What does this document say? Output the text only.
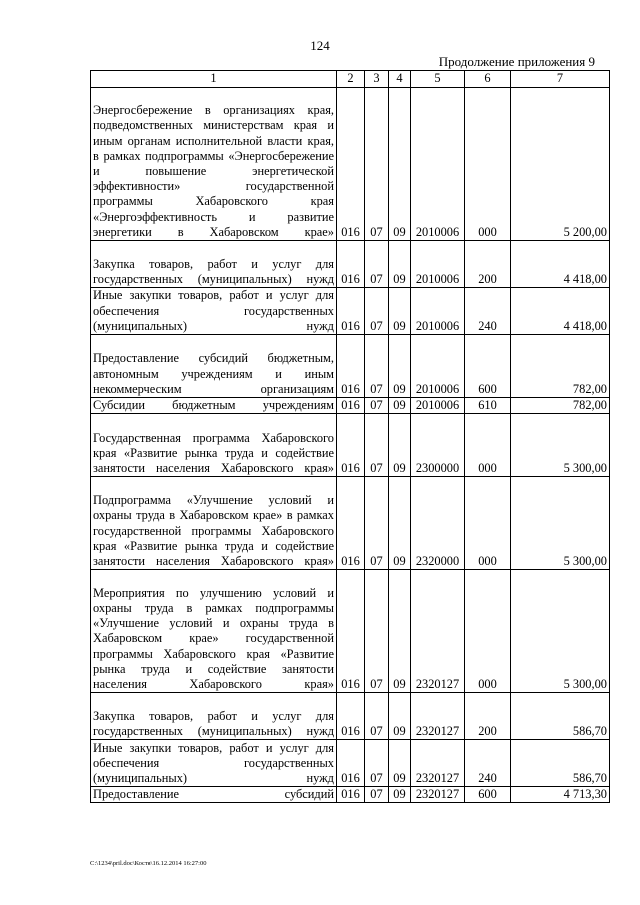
124
Продолжение приложения 9
1	2	3	4	5	6	7
Энергосбережение в организациях края, подведомственных министерствам края и иным органам исполнительной власти края, в рамках подпрограммы «Энергосбережение и повышение энергетической эффективности» государственной программы Хабаровского края «Энергоэффективность и развитие энергетики в Хабаровском крае»	016	07	09	2010006	000	5 200,00
Закупка товаров, работ и услуг для государственных (муниципальных) нужд	016	07	09	2010006	200	4 418,00
Иные закупки товаров, работ и услуг для обеспечения государственных (муниципальных) нужд	016	07	09	2010006	240	4 418,00
Предоставление субсидий бюджетным, автономным учреждениям и иным некоммерческим организациям	016	07	09	2010006	600	782,00
Субсидии бюджетным учреждениям	016	07	09	2010006	610	782,00
Государственная программа Хабаровского края «Развитие рынка труда и содействие занятости населения Хабаровского края»	016	07	09	2300000	000	5 300,00
Подпрограмма «Улучшение условий и охраны труда в Хабаровском крае» в рамках государственной программы Хабаровского края «Развитие рынка труда и содействие занятости населения Хабаровского края»	016	07	09	2320000	000	5 300,00
Мероприятия по улучшению условий и охраны труда в рамках подпрограммы «Улучшение условий и охраны труда в Хабаровском крае» государственной программы Хабаровского края «Развитие рынка труда и содействие занятости населения Хабаровского края»	016	07	09	2320127	000	5 300,00
Закупка товаров, работ и услуг для государственных (муниципальных) нужд	016	07	09	2320127	200	586,70
Иные закупки товаров, работ и услуг для обеспечения государственных (муниципальных) нужд	016	07	09	2320127	240	586,70
Предоставление субсидий	016	07	09	2320127	600	4 713,30
C:\1234\pril.doc\Костя\16.12.2014 16:27:00
